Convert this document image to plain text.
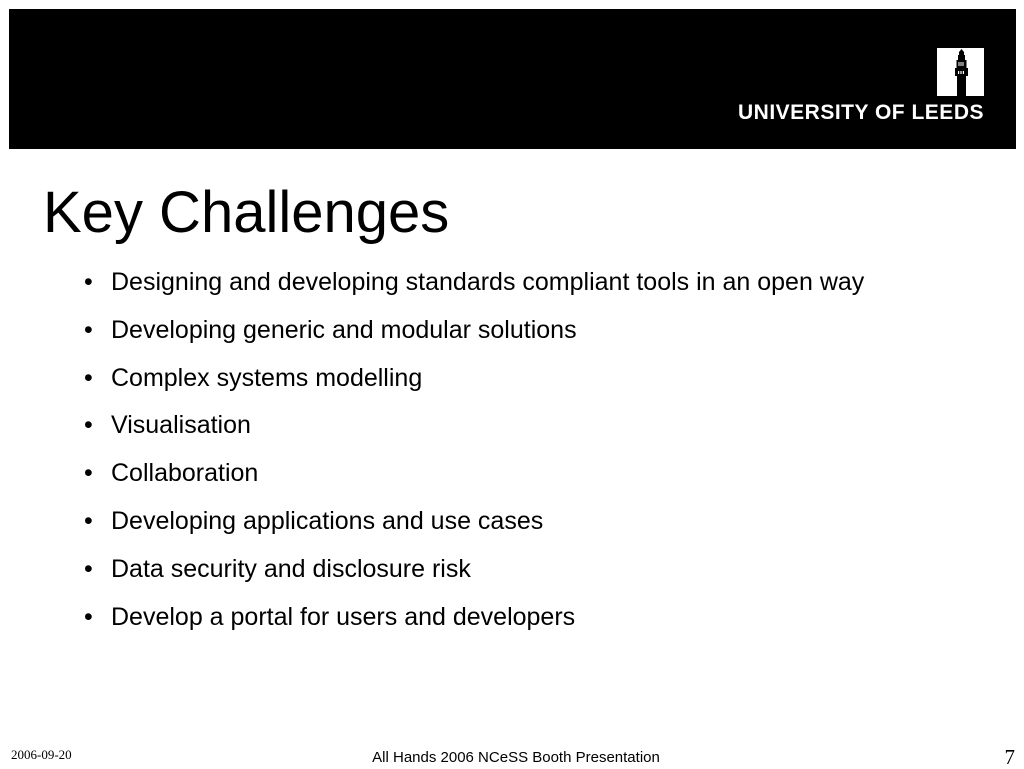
UNIVERSITY OF LEEDS
Key Challenges
• Designing and developing standards compliant tools in an open way
• Developing generic and modular solutions
• Complex systems modelling
• Visualisation
• Collaboration
• Developing applications and use cases
• Data security and disclosure risk
• Develop a portal for users and developers
2006-09-20	All Hands 2006 NCeSS Booth Presentation	7
